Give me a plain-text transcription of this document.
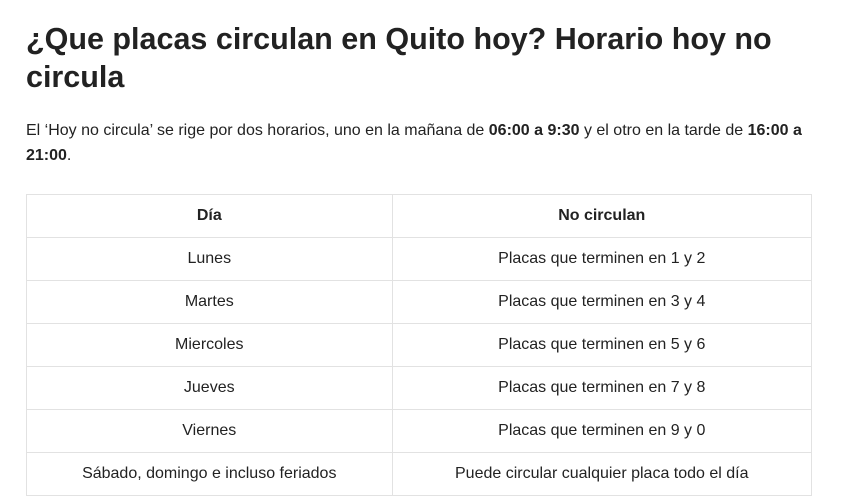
¿Que placas circulan en Quito hoy? Horario hoy no circula

El ‘Hoy no circula’ se rige por dos horarios, uno en la mañana de 06:00 a 9:30 y el otro en la tarde de 16:00 a 21:00.

Día	No circulan
Lunes	Placas que terminen en 1 y 2
Martes	Placas que terminen en 3 y 4
Miercoles	Placas que terminen en 5 y 6
Jueves	Placas que terminen en 7 y 8
Viernes	Placas que terminen en 9 y 0
Sábado, domingo e incluso feriados	Puede circular cualquier placa todo el día
